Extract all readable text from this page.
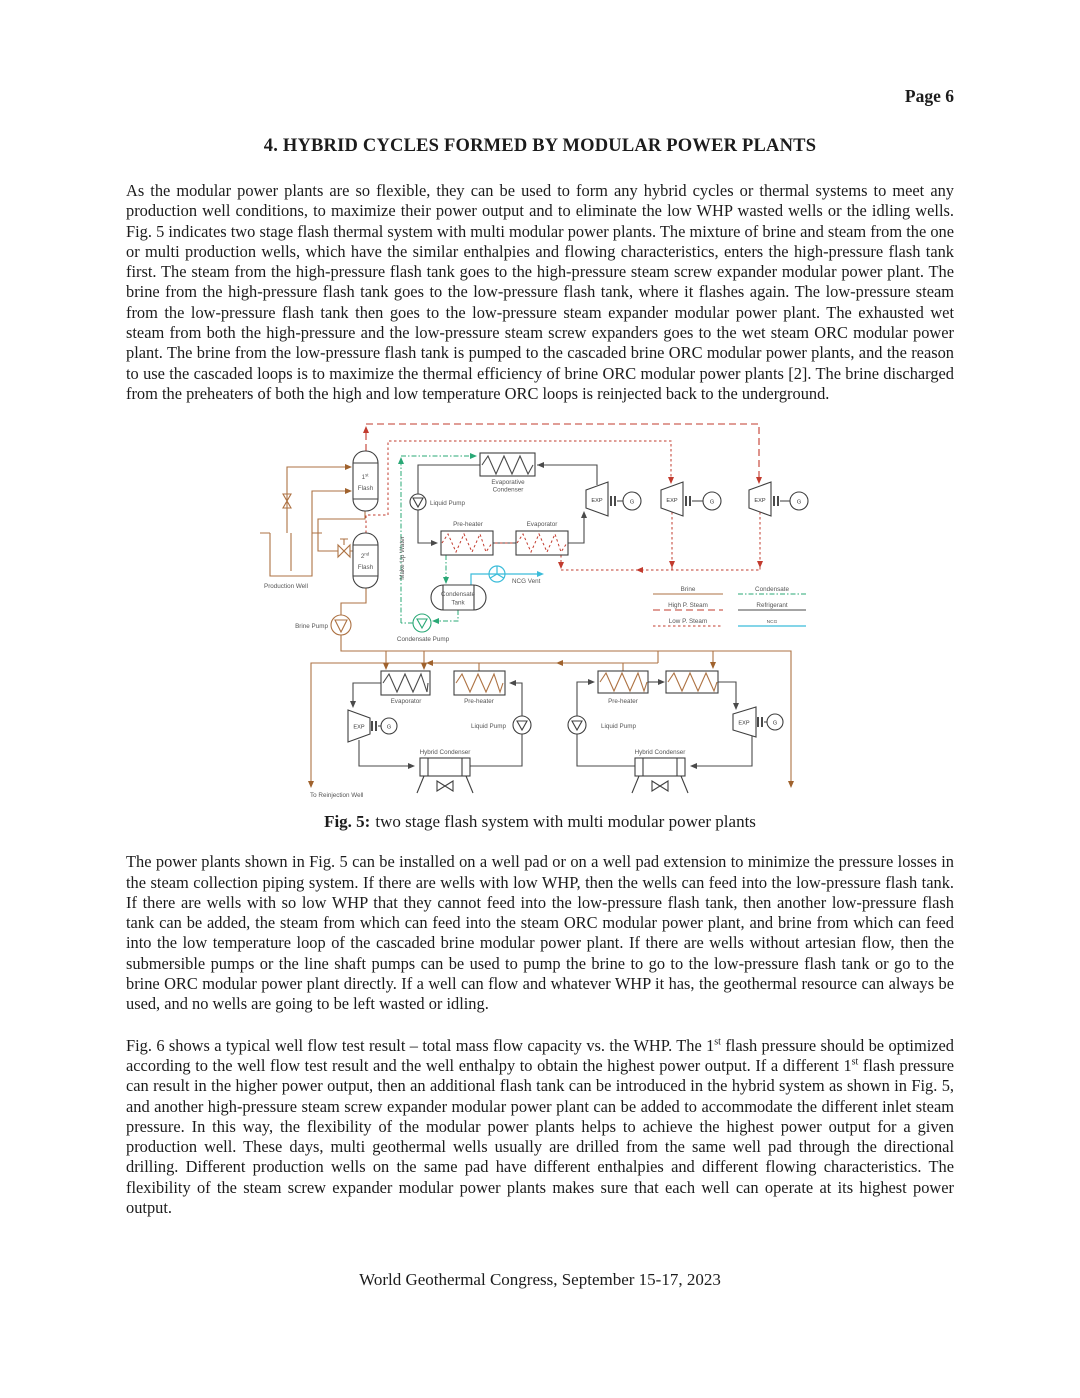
Page 6
4. HYBRID CYCLES FORMED BY MODULAR POWER PLANTS

As the modular power plants are so flexible, they can be used to form any hybrid cycles or thermal systems to meet any production well conditions, to maximize their power output and to eliminate the low WHP wasted wells or the idling wells. Fig. 5 indicates two stage flash thermal system with multi modular power plants. The mixture of brine and steam from the one or multi production wells, which have the similar enthalpies and flowing characteristics, enters the high-pressure flash tank first. The steam from the high-pressure flash tank goes to the high-pressure steam screw expander modular power plant. The brine from the high-pressure flash tank goes to the low-pressure flash tank, where it flashes again. The low-pressure steam from the low-pressure flash tank then goes to the low-pressure steam expander modular power plant. The exhausted wet steam from both the high-pressure and the low-pressure steam screw expanders goes to the wet steam ORC modular power plant. The brine from the low-pressure flash tank is pumped to the cascaded brine ORC modular power plants, and the reason to use the cascaded loops is to maximize the thermal efficiency of brine ORC modular power plants [2]. The brine discharged from the preheaters of both the high and low temperature ORC loops is reinjected back to the underground.

Production Well
To Reinjection Well
Make Up Water
NCG Vent
1st
Flash
2nd
Flash
Brine Pump
Evaporative
Condenser
Liquid Pump
Pre-heater	Evaporator
Condensate
Tank
Condensate Pump
EXP	G	EXP	G	EXP	G
Brine
High P. Steam
Low P. Steam
Condensate
Refrigerant
NCG
Evaporator	Pre-heater
EXP	G	Liquid Pump
Hybrid Condenser
Pre-heater
Liquid Pump	EXP	G
Hybrid Condenser
Fig. 5: two stage flash system with multi modular power plants

The power plants shown in Fig. 5 can be installed on a well pad or on a well pad extension to minimize the pressure losses in the steam collection piping system. If there are wells with low WHP, then the wells can feed into the low-pressure flash tank. If there are wells with so low WHP that they cannot feed into the low-pressure flash tank, then another low-pressure flash tank can be added, the steam from which can feed into the steam ORC modular power plant, and brine from which can feed into the low temperature loop of the cascaded brine modular power plant. If there are wells without artesian flow, then the submersible pumps or the line shaft pumps can be used to pump the brine to go to the low-pressure flash tank or go to the brine ORC modular power plant directly. If a well can flow and whatever WHP it has, the geothermal resource can always be used, and no wells are going to be left wasted or idling.

Fig. 6 shows a typical well flow test result – total mass flow capacity vs. the WHP. The 1st flash pressure should be optimized according to the well flow test result and the well enthalpy to obtain the highest power output. If a different 1st flash pressure can result in the higher power output, then an additional flash tank can be introduced in the hybrid system as shown in Fig. 5, and another high-pressure steam screw expander modular power plant can be added to accommodate the different inlet steam pressure. In this way, the flexibility of the modular power plants helps to achieve the highest power output for a given production well. These days, multi geothermal wells usually are drilled from the same well pad through the directional drilling. Different production wells on the same pad have different enthalpies and different flowing characteristics. The flexibility of the steam screw expander modular power plants makes sure that each well can operate at its highest power output.

World Geothermal Congress, September 15-17, 2023
